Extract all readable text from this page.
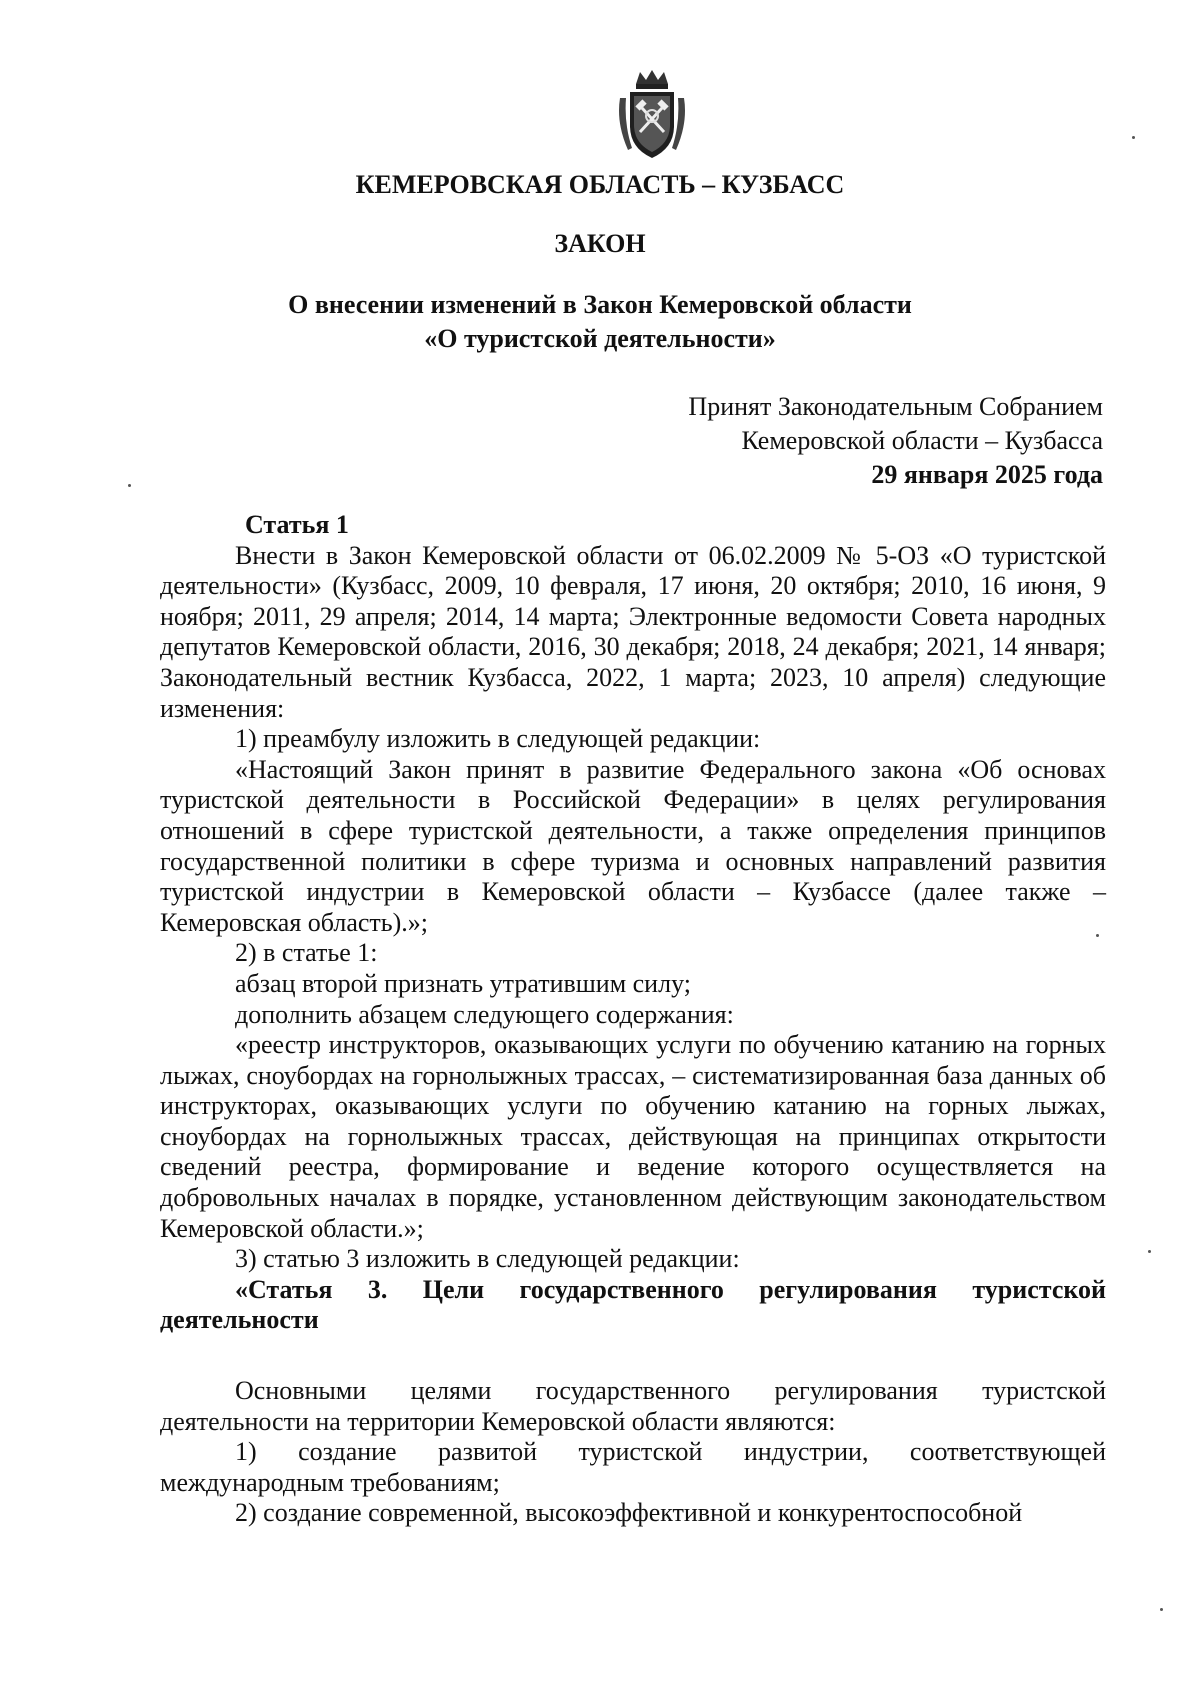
КЕМЕРОВСКАЯ ОБЛАСТЬ – КУЗБАСС
ЗАКОН
О внесении изменений в Закон Кемеровской области
«О туристской деятельности»
Принят Законодательным Собранием
Кемеровской области – Кузбасса
29 января 2025 года

Статья 1

Внести в Закон Кемеровской области от 06.02.2009 № 5-ОЗ «О туристской деятельности» (Кузбасс, 2009, 10 февраля, 17 июня, 20 октября; 2010, 16 июня, 9 ноября; 2011, 29 апреля; 2014, 14 марта; Электронные ведомости Совета народных депутатов Кемеровской области, 2016, 30 декабря; 2018, 24 декабря; 2021, 14 января; Законодательный вестник Кузбасса, 2022, 1 марта; 2023, 10 апреля) следующие изменения:

1) преамбулу изложить в следующей редакции:

«Настоящий Закон принят в развитие Федерального закона «Об основах туристской деятельности в Российской Федерации» в целях регулирования отношений в сфере туристской деятельности, а также определения принципов государственной политики в сфере туризма и основных направлений развития туристской индустрии в Кемеровской области – Кузбассе (далее также – Кемеровская область).»;

2) в статье 1:

абзац второй признать утратившим силу;

дополнить абзацем следующего содержания:

«реестр инструкторов, оказывающих услуги по обучению катанию на горных лыжах, сноубордах на горнолыжных трассах, – систематизированная база данных об инструкторах, оказывающих услуги по обучению катанию на горных лыжах, сноубордах на горнолыжных трассах, действующая на принципах открытости сведений реестра, формирование и ведение которого осуществляется на добровольных началах в порядке, установленном действующим законодательством Кемеровской области.»;

3) статью 3 изложить в следующей редакции:

«Статья 3. Цели государственного регулирования туристской деятельности

Основными целями государственного регулирования туристской деятельности на территории Кемеровской области являются:

1) создание развитой туристской индустрии, соответствующей международным требованиям;

2) создание современной, высокоэффективной и конкурентоспособной
